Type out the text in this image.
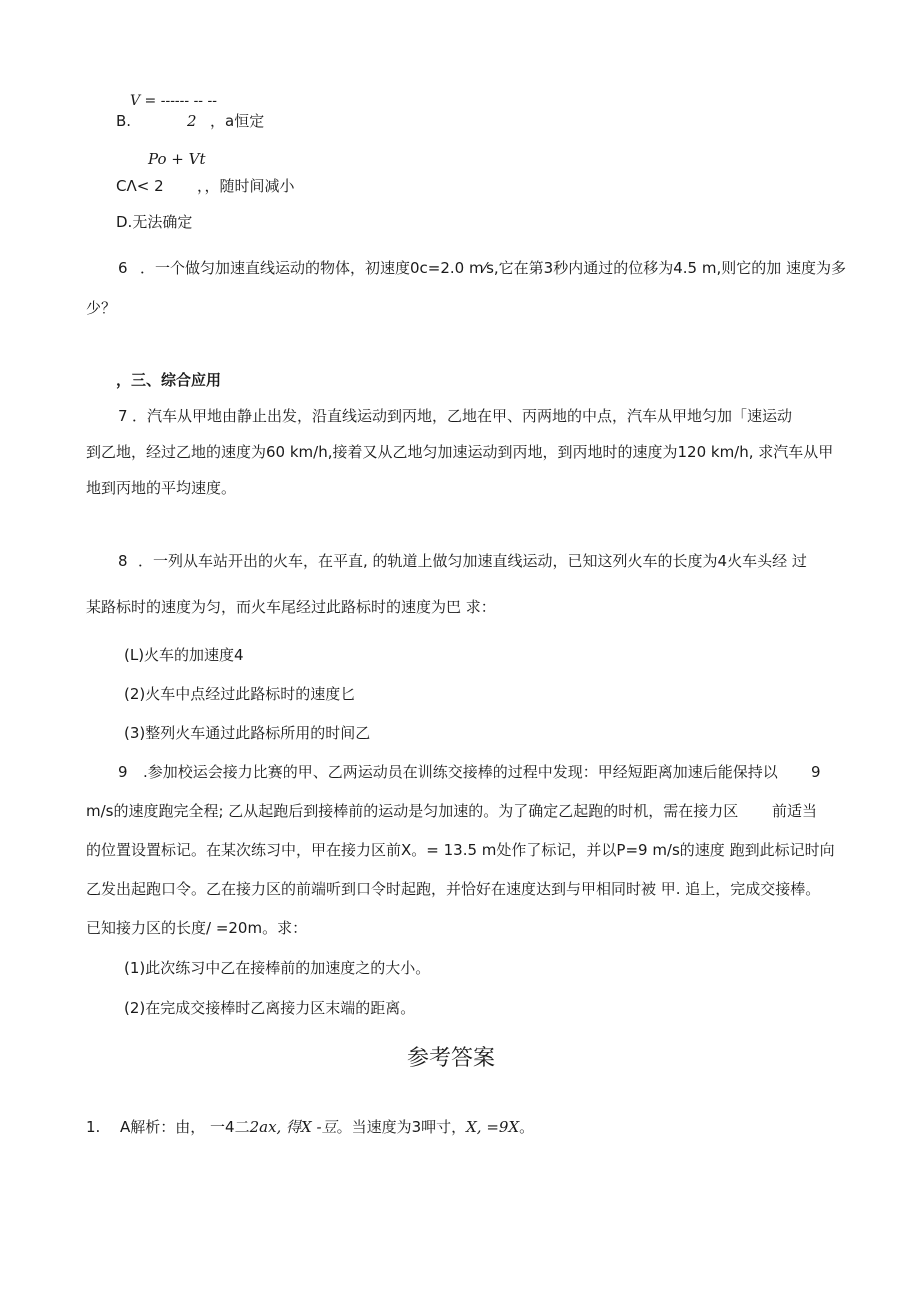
V = ------ -- --
B.	2 ，a恒定
Po + Vt
CΛ< 2 ，，随时间减小
D.无法确定
6 ．一个做匀加速直线运动的物体，初速度0c=2.0 m⁄s,它在第3秒内通过的位移为4.5 m,则它的加 速度为多
少？
，三、综合应用
7 ．汽车从甲地由静止出发，沿直线运动到丙地，乙地在甲、丙两地的中点，汽车从甲地匀加「速运动
到乙地，经过乙地的速度为60 km/h,接着又从乙地匀加速运动到丙地，到丙地时的速度为120 km/h, 求汽车从甲
地到丙地的平均速度。
8 ．一列从车站开出的火车，在平直, 的轨道上做匀加速直线运动，已知这列火车的长度为4火车头经 过
某路标时的速度为匀，而火车尾经过此路标时的速度为巴 求：
(L)火车的加速度4
(2)火车中点经过此路标时的速度匕
(3)整列火车通过此路标所用的时间乙
9 .参加校运会接力比赛的甲、乙两运动员在训练交接棒的过程中发现：甲经短距离加速后能保持以 9
m/s的速度跑完全程; 乙从起跑后到接棒前的运动是匀加速的。为了确定乙起跑的时机，需在接力区 前适当
的位置设置标记。在某次练习中，甲在接力区前X。= 13.5 m处作了标记，并以P=9 m/s的速度 跑到此标记时向
乙发出起跑口令。乙在接力区的前端听到口令时起跑，并恰好在速度达到与甲相同时被 甲. 追上，完成交接棒。
已知接力区的长度/ =20m。求：
(1)此次练习中乙在接棒前的加速度之的大小。
(2)在完成交接棒时乙离接力区末端的距离。
参考答案
1. A解析：由， 一4二2ax, 得X -豆。当速度为3呷寸，X, =9X。
